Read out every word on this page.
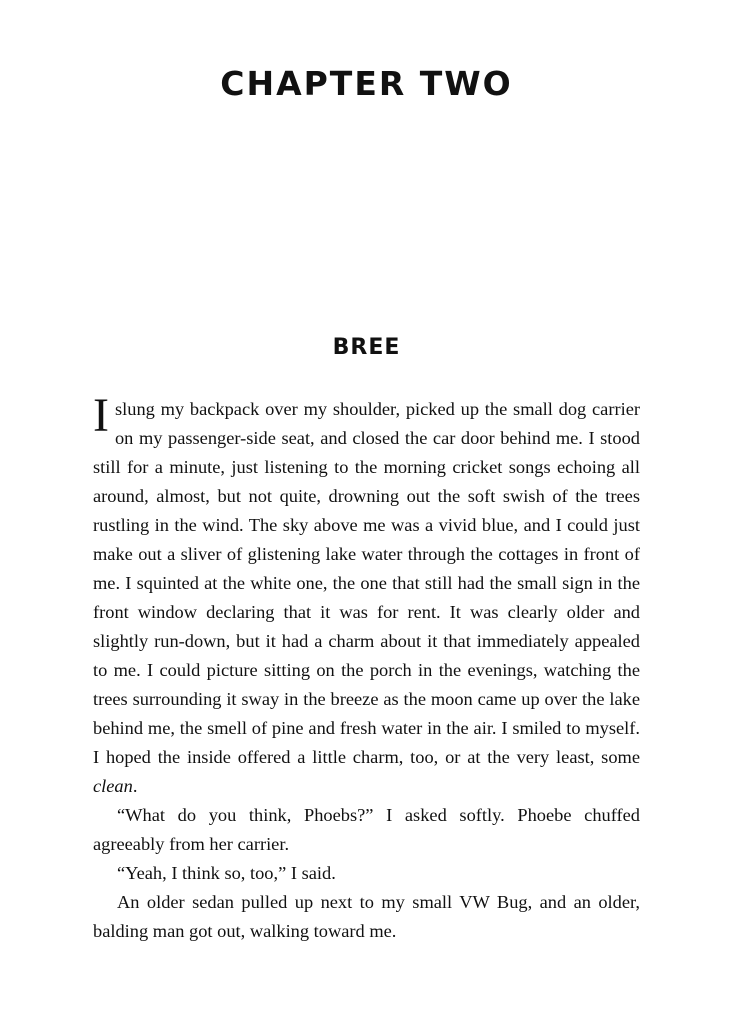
CHAPTER TWO
BREE

I slung my backpack over my shoulder, picked up the small dog carrier on my passenger-side seat, and closed the car door behind me. I stood still for a minute, just listening to the morning cricket songs echoing all around, almost, but not quite, drowning out the soft swish of the trees rustling in the wind. The sky above me was a vivid blue, and I could just make out a sliver of glistening lake water through the cottages in front of me. I squinted at the white one, the one that still had the small sign in the front window declaring that it was for rent. It was clearly older and slightly run-down, but it had a charm about it that immediately appealed to me. I could picture sitting on the porch in the evenings, watching the trees surrounding it sway in the breeze as the moon came up over the lake behind me, the smell of pine and fresh water in the air. I smiled to myself. I hoped the inside offered a little charm, too, or at the very least, some clean.

“What do you think, Phoebs?” I asked softly. Phoebe chuffed agreeably from her carrier.

“Yeah, I think so, too,” I said.

An older sedan pulled up next to my small VW Bug, and an older, balding man got out, walking toward me.
